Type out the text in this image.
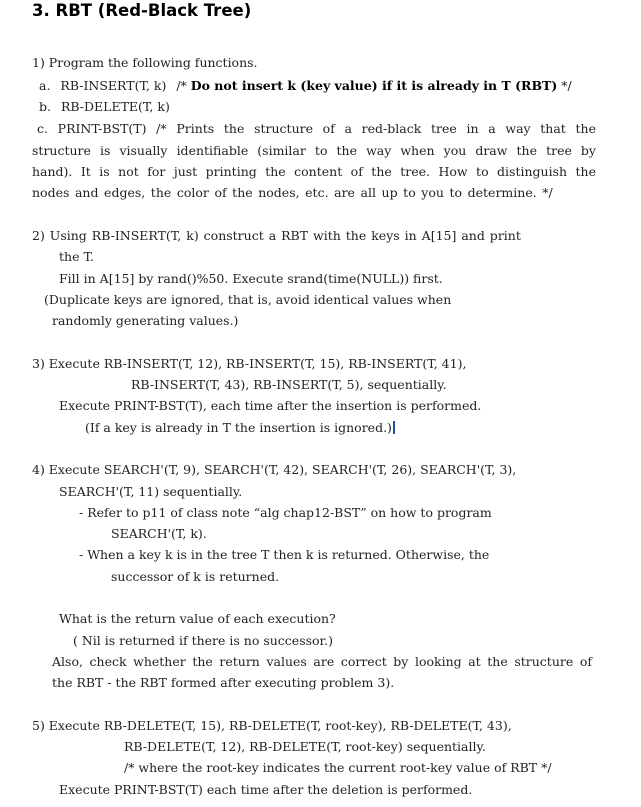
3. RBT (Red-Black Tree)
1) Program the following functions.
a. RB-INSERT(T, k) /* Do not insert k (key value) if it is already in T (RBT) */
b. RB-DELETE(T, k)
c. PRINT-BST(T) /* Prints the structure of a red-black tree in a way that the
structure is visually identifiable (similar to the way when you draw the tree by
hand). It is not for just printing the content of the tree. How to distinguish the
nodes and edges, the color of the nodes, etc. are all up to you to determine. */
2) Using RB-INSERT(T, k) construct a RBT with the keys in A[15] and print
the T.
Fill in A[15] by rand()%50. Execute srand(time(NULL)) first.
(Duplicate keys are ignored, that is, avoid identical values when
randomly generating values.)
3) Execute RB-INSERT(T, 12), RB-INSERT(T, 15), RB-INSERT(T, 41),
RB-INSERT(T, 43), RB-INSERT(T, 5), sequentially.
Execute PRINT-BST(T), each time after the insertion is performed.
(If a key is already in T the insertion is ignored.)
4) Execute SEARCH'(T, 9), SEARCH'(T, 42), SEARCH'(T, 26), SEARCH'(T, 3),
SEARCH'(T, 11) sequentially.
- Refer to p11 of class note “alg chap12-BST” on how to program
SEARCH'(T, k).
- When a key k is in the tree T then k is returned. Otherwise, the
successor of k is returned.
What is the return value of each execution?
( Nil is returned if there is no successor.)
Also, check whether the return values are correct by looking at the structure of
the RBT - the RBT formed after executing problem 3).
5) Execute RB-DELETE(T, 15), RB-DELETE(T, root-key), RB-DELETE(T, 43),
RB-DELETE(T, 12), RB-DELETE(T, root-key) sequentially.
/* where the root-key indicates the current root-key value of RBT */
Execute PRINT-BST(T) each time after the deletion is performed.
